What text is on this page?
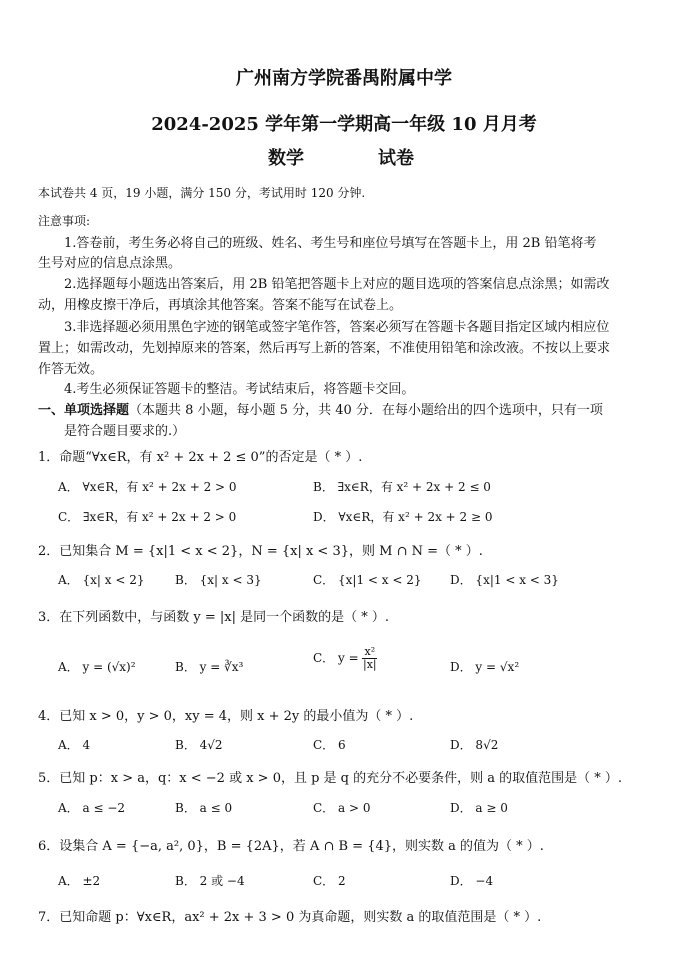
广州南方学院番禺附属中学
2024-2025 学年第一学期高一年级 10 月月考
数学	试卷
本试卷共 4 页，19 小题，满分 150 分，考试用时 120 分钟.
注意事项:
1.答卷前，考生务必将自己的班级、姓名、考生号和座位号填写在答题卡上，用 2B 铅笔将考
生号对应的信息点涂黑。
2.选择题每小题选出答案后，用 2B 铅笔把答题卡上对应的题目选项的答案信息点涂黑；如需改
动，用橡皮擦干净后，再填涂其他答案。答案不能写在试卷上。
3.非选择题必须用黑色字迹的钢笔或签字笔作答，答案必须写在答题卡各题目指定区域内相应位
置上；如需改动，先划掉原来的答案，然后再写上新的答案，不准使用铅笔和涂改液。不按以上要求
作答无效。
4.考生必须保证答题卡的整洁。考试结束后，将答题卡交回。
一、单项选择题（本题共 8 小题，每小题 5 分，共 40 分．在每小题给出的四个选项中，只有一项
是符合题目要求的.）
1．命题“∀x∈R，有 x² + 2x + 2 ≤ 0”的否定是（ * ）.
A． ∀x∈R，有 x² + 2x + 2 > 0	B． ∃x∈R，有 x² + 2x + 2 ≤ 0
C． ∃x∈R，有 x² + 2x + 2 > 0	D． ∀x∈R，有 x² + 2x + 2 ≥ 0
2．已知集合 M = {x|1 < x < 2}，N = {x| x < 3}，则 M ∩ N =（ * ）.
A． {x| x < 2}	B． {x| x < 3}	C． {x|1 < x < 2} D． {x|1 < x < 3}
3．在下列函数中，与函数 y = |x| 是同一个函数的是（ * ）.
A． y = (√x)²	B． y = ∛x³
C． $y = \frac{\text{x²}}{|x|}$	D． y = √x²
4．已知 x > 0，y > 0，xy = 4，则 x + 2y 的最小值为（ * ）.
A． 4	B． 4√2	C． 6	D． 8√2
5．已知 p：x > a，q：x < −2 或 x > 0，且 p 是 q 的充分不必要条件，则 a 的取值范围是（ * ）.
A． a ≤ −2	B． a ≤ 0	C． a > 0	D． a ≥ 0
6．设集合 A = {−a, a², 0}，B = {2A}，若 A ∩ B = {4}，则实数 a 的值为（ * ）.
A． ±2	B． 2 或 −4	C． 2	D． −4
7．已知命题 p：∀x∈R，ax² + 2x + 3 > 0 为真命题，则实数 a 的取值范围是（ * ）.
